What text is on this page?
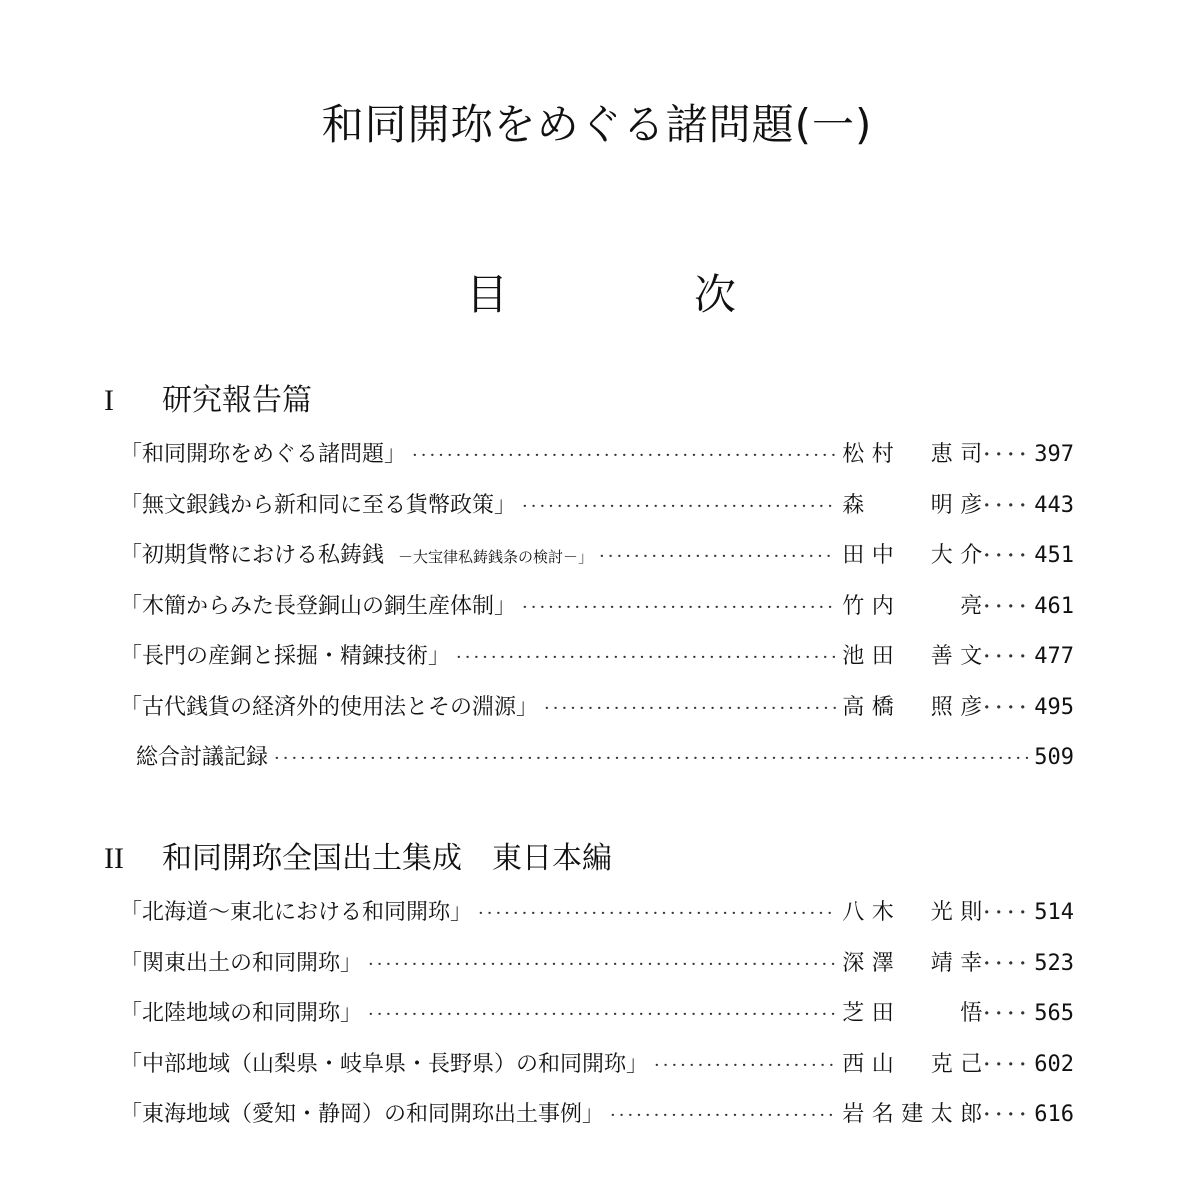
和同開珎をめぐる諸問題(一)
目	次
I 研究報告篇
「和同開珎をめぐる諸問題」 ·····	松村　恵司 ････ 397
「無文銀銭から新和同に至る貨幣政策」 ·····	森　　明彦 ････ 443
「初期貨幣における私鋳銭 －大宝律私鋳銭条の検討－」 ·····	田中　大介 ････ 451
「木簡からみた長登銅山の銅生産体制」 ·····	竹内　　亮 ････ 461
「長門の産銅と採掘・精錬技術」 ·····	池田　善文 ････ 477
「古代銭貨の経済外的使用法とその淵源」 ·····	高橋　照彦 ････ 495
総合討議記録 ·····	509
II 和同開珎全国出土集成　東日本編
「北海道～東北における和同開珎」 ·····	八木　光則 ････ 514
「関東出土の和同開珎」 ·····	深澤　靖幸 ････ 523
「北陸地域の和同開珎」 ·····	芝田　　悟 ････ 565
「中部地域（山梨県・岐阜県・長野県）の和同開珎」 ·····	西山　克己 ････ 602
「東海地域（愛知・静岡）の和同開珎出土事例」 ·····	岩名建太郎 ････ 616
